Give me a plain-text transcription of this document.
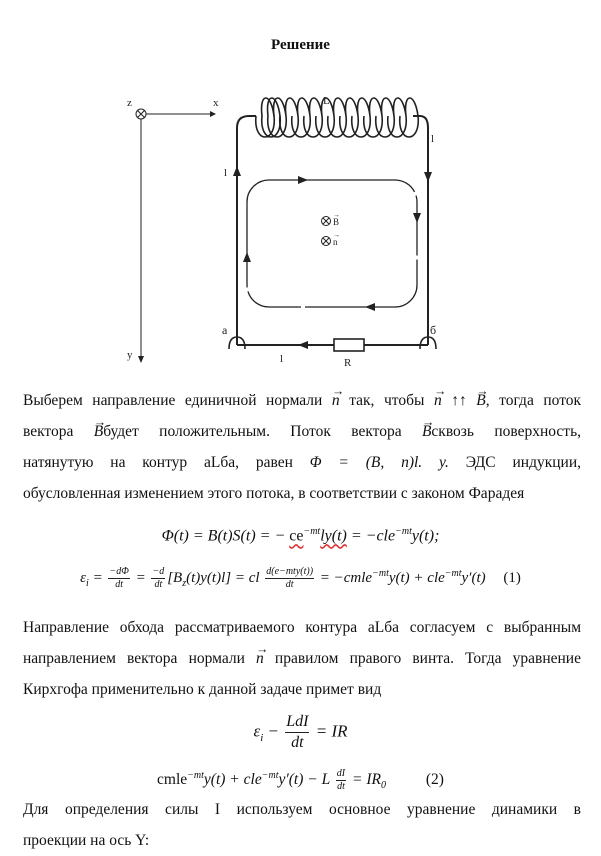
Решение
z	x
y
B
→
n
→
L
l
l
l	R
а	б
Выберем направление единичной нормали → n так, чтобы → n ↑↑ → B, тогда поток
вектора → Bбудет положительным. Поток вектора → Bсквозь поверхность,
натянутую на контур аLба, равен Φ = (B, n)l. y. ЭДС индукции,
обусловленная изменением этого потока, в соответствии с законом Фарадея
Φ(t) = B(t)S(t) = − $ce^{-mt}ly(t) = -cle^{-mt}y(t)$;
$\varepsilon_i = \frac{-d\Phi}{dt} = \frac{-d}{dt} [B_z(t)y(t)l]$ = cl $\frac{\text{d(e−mty(t))}}{dt}$ = −cmle$^{-mt}$y(t) + cle$^{-mt}$y′(t) (1)
Направление обхода рассматриваемого контура аLба согласуем с выбранным
направлением вектора нормали → n правилом правого винта. Тогда уравнение
Кирхгофа применительно к данной задаче примет вид
$\varepsilon_i - \frac{\text{LdI}}{dt}$ = IR
cmle$^{-mt}$y(t) + cle$^{-mt}$y′(t) − L $\frac{dI}{dt} = IR_0$	(2)
Для определения силы I используем основное уравнение динамики в
проекции на ось Y:
